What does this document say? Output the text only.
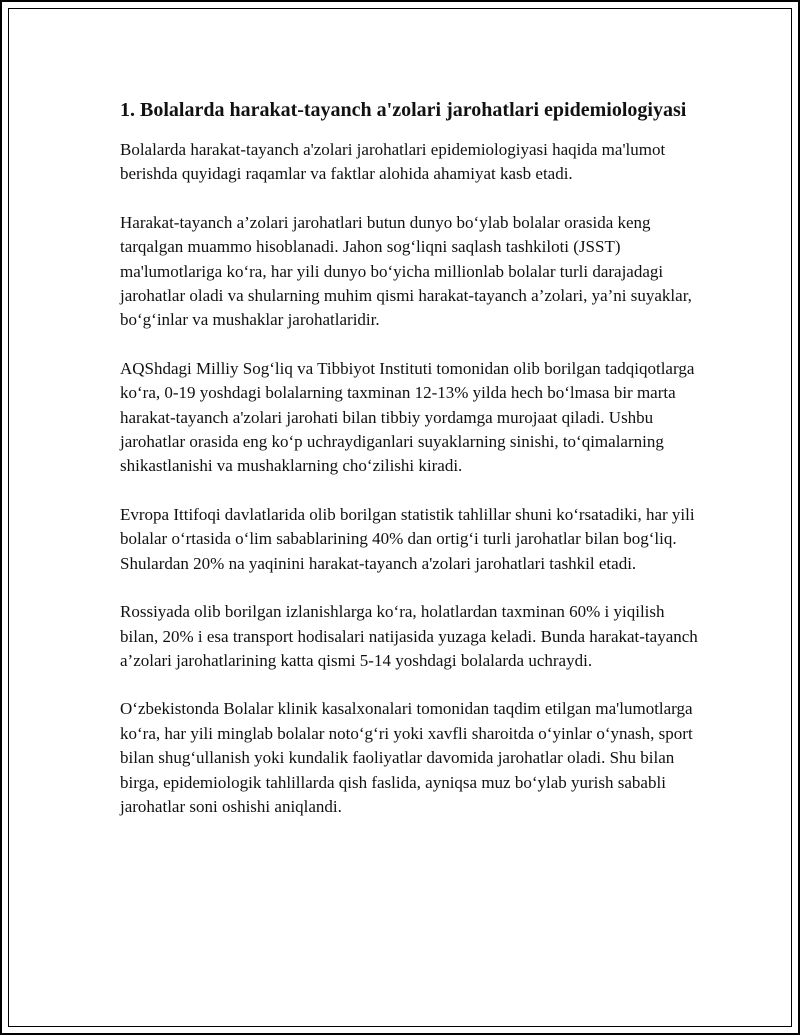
1. Bolalarda harakat-tayanch a'zolari jarohatlari epidemiologiyasi

Bolalarda harakat-tayanch a'zolari jarohatlari epidemiologiyasi haqida ma'lumot berishda quyidagi raqamlar va faktlar alohida ahamiyat kasb etadi.

Harakat-tayanch a’zolari jarohatlari butun dunyo bo‘ylab bolalar orasida keng tarqalgan muammo hisoblanadi. Jahon sog‘liqni saqlash tashkiloti (JSST) ma'lumotlariga ko‘ra, har yili dunyo bo‘yicha millionlab bolalar turli darajadagi jarohatlar oladi va shularning muhim qismi harakat-tayanch a’zolari, ya’ni suyaklar, bo‘g‘inlar va mushaklar jarohatlaridir.

AQShdagi Milliy Sog‘liq va Tibbiyot Instituti tomonidan olib borilgan tadqiqotlarga ko‘ra, 0-19 yoshdagi bolalarning taxminan 12-13% yilda hech bo‘lmasa bir marta harakat-tayanch a'zolari jarohati bilan tibbiy yordamga murojaat qiladi. Ushbu jarohatlar orasida eng ko‘p uchraydiganlari suyaklarning sinishi, to‘qimalarning shikastlanishi va mushaklarning cho‘zilishi kiradi.

Evropa Ittifoqi davlatlarida olib borilgan statistik tahlillar shuni ko‘rsatadiki, har yili bolalar o‘rtasida o‘lim sabablarining 40% dan ortig‘i turli jarohatlar bilan bog‘liq. Shulardan 20% na yaqinini harakat-tayanch a'zolari jarohatlari tashkil etadi.

Rossiyada olib borilgan izlanishlarga ko‘ra, holatlardan taxminan 60% i yiqilish bilan, 20% i esa transport hodisalari natijasida yuzaga keladi. Bunda harakat-tayanch a’zolari jarohatlarining katta qismi 5-14 yoshdagi bolalarda uchraydi.

O‘zbekistonda Bolalar klinik kasalxonalari tomonidan taqdim etilgan ma'lumotlarga ko‘ra, har yili minglab bolalar noto‘g‘ri yoki xavfli sharoitda o‘yinlar o‘ynash, sport bilan shug‘ullanish yoki kundalik faoliyatlar davomida jarohatlar oladi. Shu bilan birga, epidemiologik tahlillarda qish faslida, ayniqsa muz bo‘ylab yurish sababli jarohatlar soni oshishi aniqlandi.
